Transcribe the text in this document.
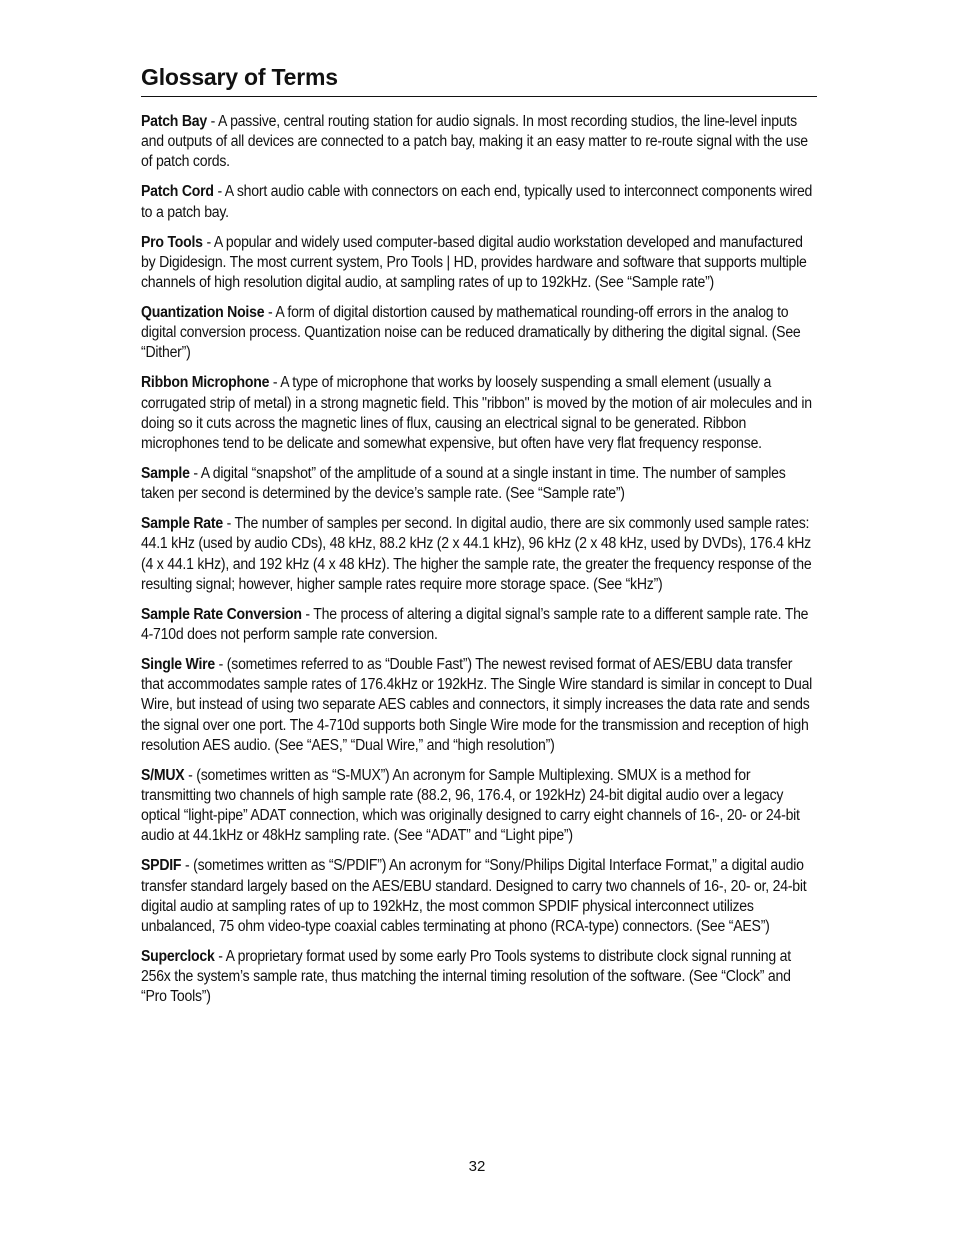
Glossary of Terms

Patch Bay - A passive, central routing station for audio signals. In most recording studios, the line-level inputs and outputs of all devices are connected to a patch bay, making it an easy matter to re-route signal with the use of patch cords.

Patch Cord - A short audio cable with connectors on each end, typically used to interconnect components wired to a patch bay.

Pro Tools - A popular and widely used computer-based digital audio workstation developed and manufactured by Digidesign. The most current system, Pro Tools | HD, provides hardware and software that supports multiple channels of high resolution digital audio, at sampling rates of up to 192kHz. (See “Sample rate”)

Quantization Noise - A form of digital distortion caused by mathematical rounding-off errors in the analog to digital conversion process. Quantization noise can be reduced dramatically by dithering the digital signal. (See “Dither”)

Ribbon Microphone - A type of microphone that works by loosely suspending a small element (usually a corrugated strip of metal) in a strong magnetic field. This "ribbon" is moved by the motion of air molecules and in doing so it cuts across the magnetic lines of flux, causing an electrical signal to be generated. Ribbon microphones tend to be delicate and somewhat expensive, but often have very flat frequency response.

Sample - A digital “snapshot” of the amplitude of a sound at a single instant in time. The number of samples taken per second is determined by the device’s sample rate. (See “Sample rate”)

Sample Rate - The number of samples per second. In digital audio, there are six commonly used sample rates: 44.1 kHz (used by audio CDs), 48 kHz, 88.2 kHz (2 x 44.1 kHz), 96 kHz (2 x 48 kHz, used by DVDs), 176.4 kHz (4 x 44.1 kHz), and 192 kHz (4 x 48 kHz). The higher the sample rate, the greater the frequency response of the resulting signal; however, higher sample rates require more storage space. (See “kHz”)

Sample Rate Conversion - The process of altering a digital signal’s sample rate to a different sample rate. The 4-710d does not perform sample rate conversion.

Single Wire - (sometimes referred to as “Double Fast”) The newest revised format of AES/EBU data transfer that accommodates sample rates of 176.4kHz or 192kHz. The Single Wire standard is similar in concept to Dual Wire, but instead of using two separate AES cables and connectors, it simply increases the data rate and sends the signal over one port. The 4-710d supports both Single Wire mode for the transmission and reception of high resolution AES audio. (See “AES,” “Dual Wire,” and “high resolution”)

S/MUX - (sometimes written as “S-MUX”) An acronym for Sample Multiplexing. SMUX is a method for transmitting two channels of high sample rate (88.2, 96, 176.4, or 192kHz) 24-bit digital audio over a legacy optical “light-pipe” ADAT connection, which was originally designed to carry eight channels of 16-, 20- or 24-bit audio at 44.1kHz or 48kHz sampling rate. (See “ADAT” and “Light pipe”)

SPDIF - (sometimes written as “S/PDIF”) An acronym for “Sony/Philips Digital Interface Format,” a digital audio transfer standard largely based on the AES/EBU standard. Designed to carry two channels of 16-, 20- or, 24-bit digital audio at sampling rates of up to 192kHz, the most common SPDIF physical interconnect utilizes unbalanced, 75 ohm video-type coaxial cables terminating at phono (RCA-type) connectors. (See “AES”)

Superclock - A proprietary format used by some early Pro Tools systems to distribute clock signal running at 256x the system’s sample rate, thus matching the internal timing resolution of the software. (See “Clock” and “Pro Tools”)

32
